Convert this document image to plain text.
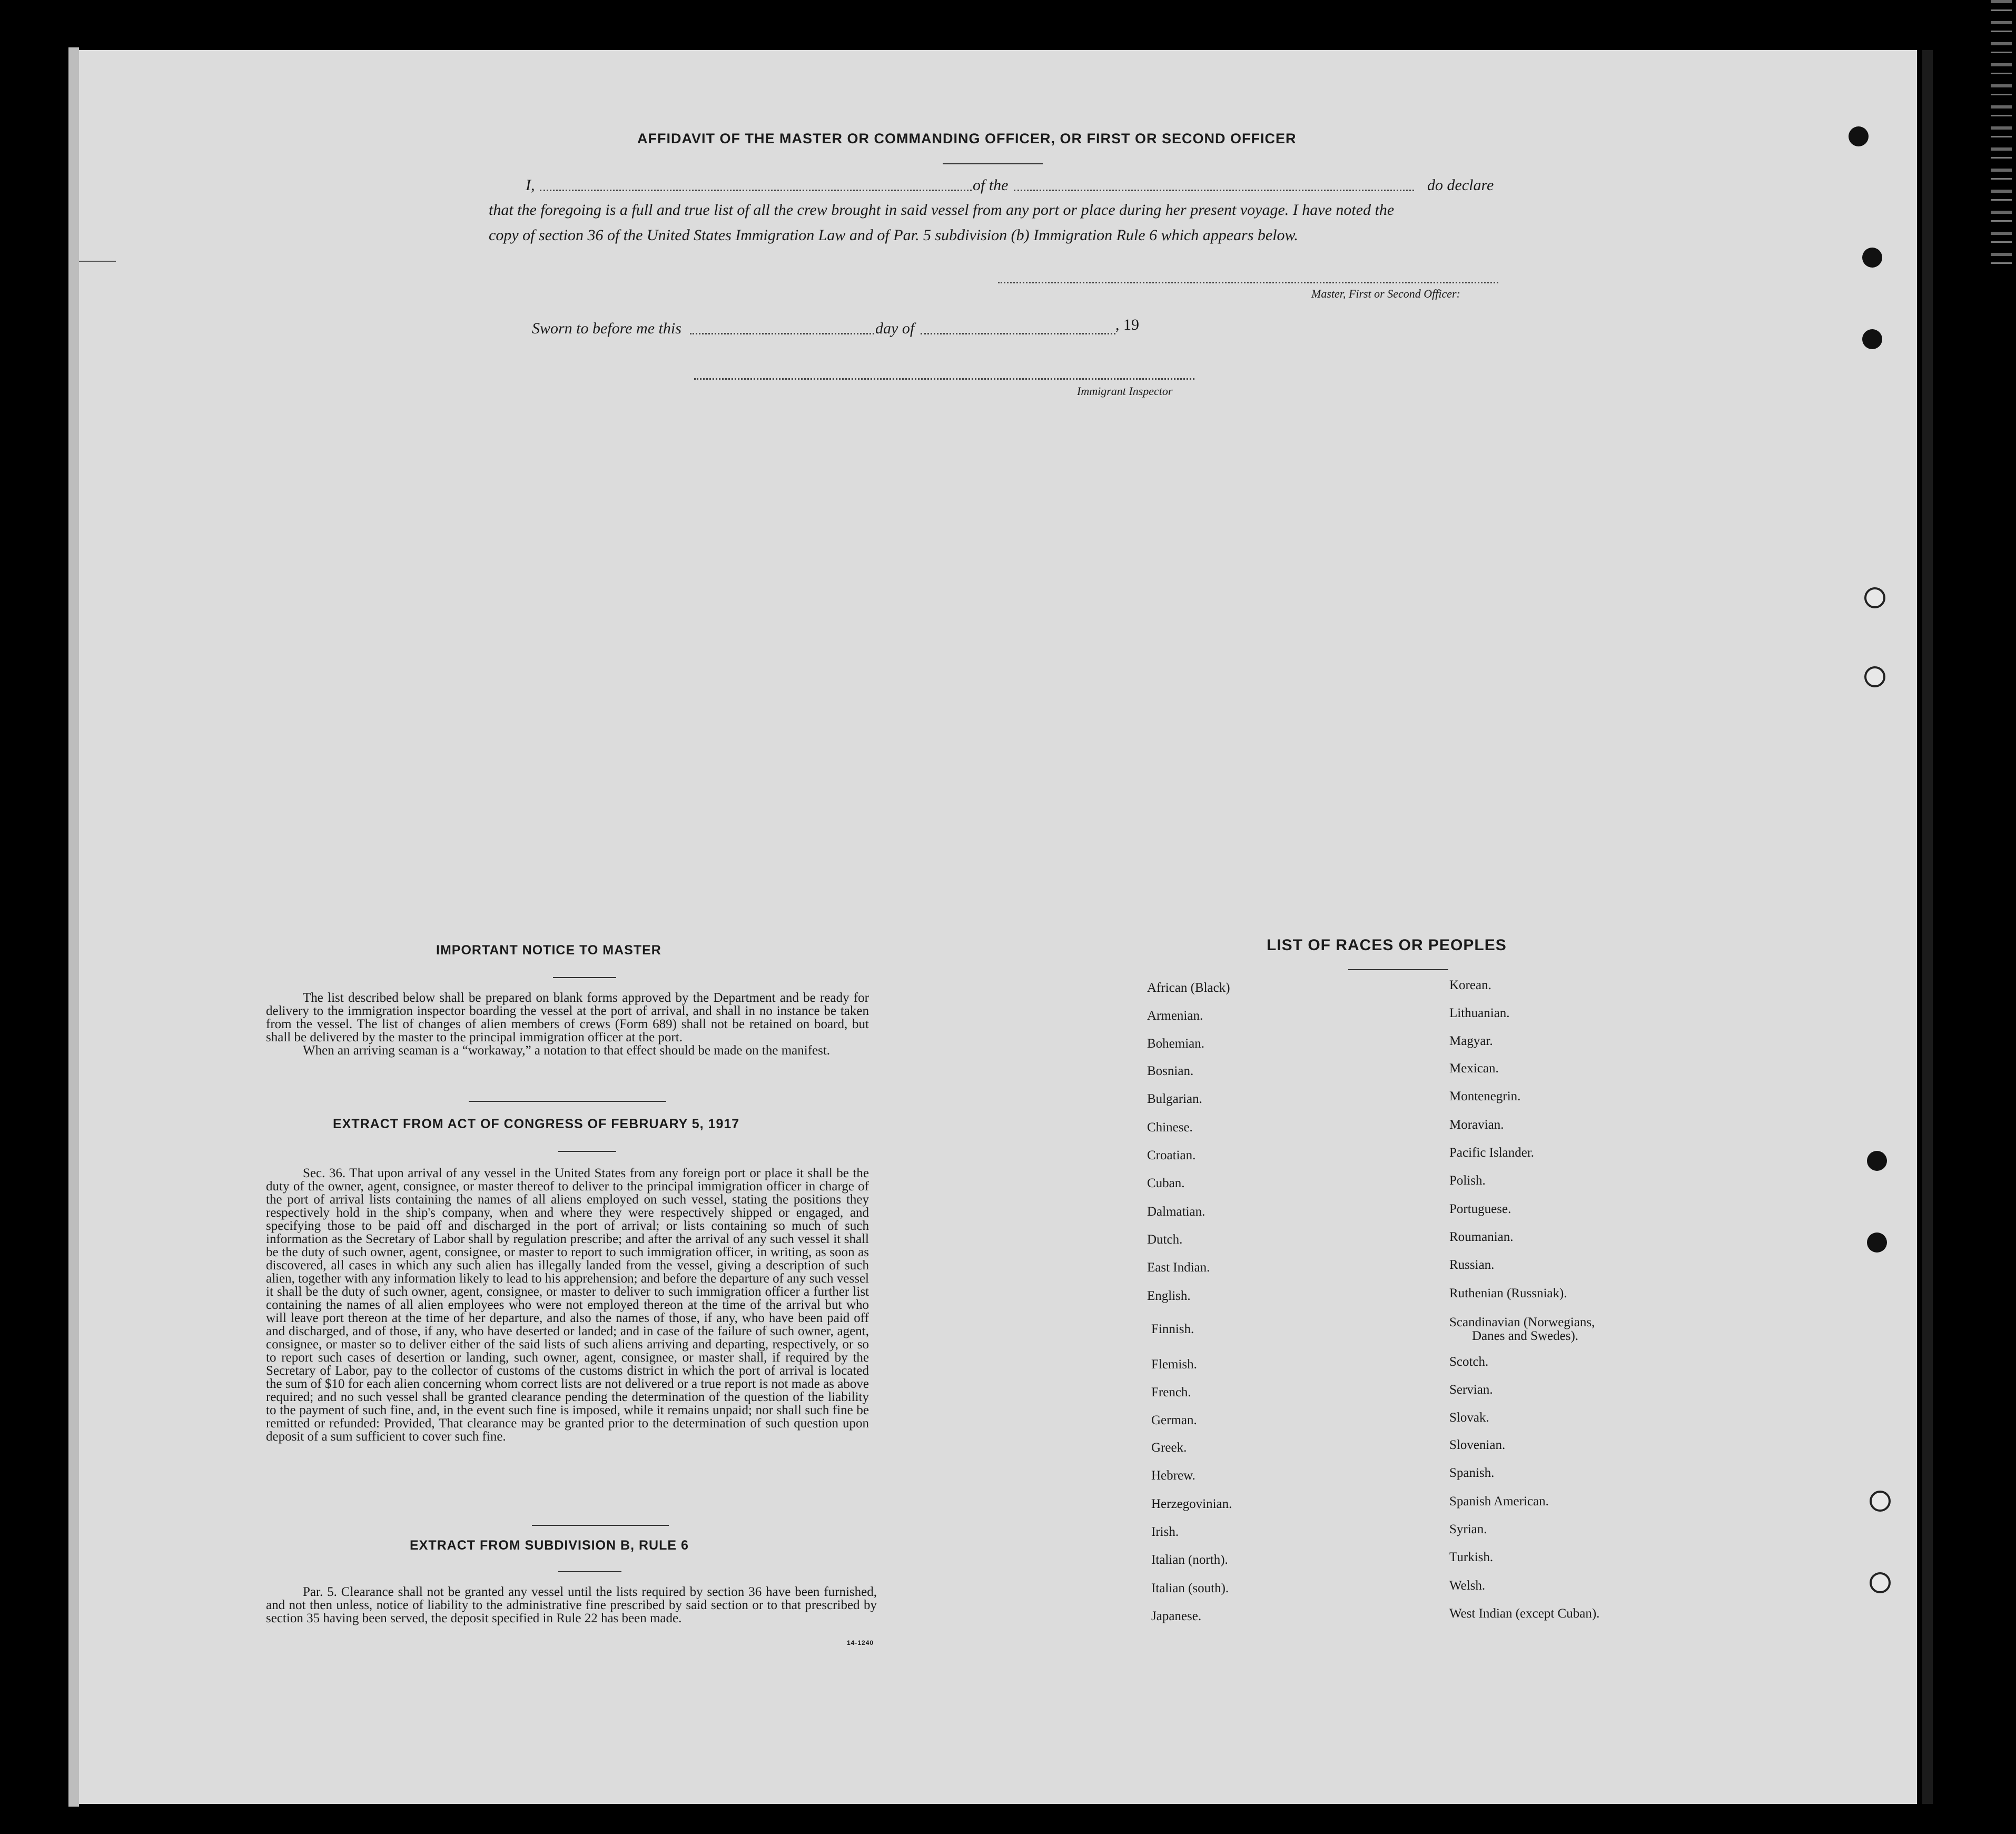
AFFIDAVIT OF THE MASTER OR COMMANDING OFFICER, OR FIRST OR SECOND OFFICER
I,	of the	do declare
that the foregoing is a full and true list of all the crew brought in said vessel from any port or place during her present voyage. I have noted the
copy of section 36 of the United States Immigration Law and of Par. 5 subdivision (b) Immigration Rule 6 which appears below.
Master, First or Second Officer:
Sworn to before me this	day of	, 19
Immigrant Inspector
IMPORTANT NOTICE TO MASTER

The list described below shall be prepared on blank forms approved by the Department and be ready for delivery to the immigration inspector boarding the vessel at the port of arrival, and shall in no instance be taken from the vessel. The list of changes of alien members of crews (Form 689) shall not be retained on board, but shall be delivered by the master to the principal immigration officer at the port.

When an arriving seaman is a “workaway,” a notation to that effect should be made on the manifest.

EXTRACT FROM ACT OF CONGRESS OF FEBRUARY 5, 1917

Sec. 36. That upon arrival of any vessel in the United States from any foreign port or place it shall be the duty of the owner, agent, consignee, or master thereof to deliver to the principal immigration officer in charge of the port of arrival lists containing the names of all aliens employed on such vessel, stating the positions they respectively hold in the ship's company, when and where they were respectively shipped or engaged, and specifying those to be paid off and discharged in the port of arrival; or lists containing so much of such information as the Secretary of Labor shall by regulation prescribe; and after the arrival of any such vessel it shall be the duty of such owner, agent, consignee, or master to report to such immigration officer, in writing, as soon as discovered, all cases in which any such alien has illegally landed from the vessel, giving a description of such alien, together with any information likely to lead to his apprehension; and before the departure of any such vessel it shall be the duty of such owner, agent, consignee, or master to deliver to such immigration officer a further list containing the names of all alien employees who were not employed thereon at the time of the arrival but who will leave port thereon at the time of her departure, and also the names of those, if any, who have been paid off and discharged, and of those, if any, who have deserted or landed; and in case of the failure of such owner, agent, consignee, or master so to deliver either of the said lists of such aliens arriving and departing, respectively, or so to report such cases of desertion or landing, such owner, agent, consignee, or master shall, if required by the Secretary of Labor, pay to the collector of customs of the customs district in which the port of arrival is located the sum of $10 for each alien concerning whom correct lists are not delivered or a true report is not made as above required; and no such vessel shall be granted clearance pending the determination of the question of the liability to the payment of such fine, and, in the event such fine is imposed, while it remains unpaid; nor shall such fine be remitted or refunded: Provided, That clearance may be granted prior to the determination of such question upon deposit of a sum sufficient to cover such fine.

EXTRACT FROM SUBDIVISION B, RULE 6

Par. 5. Clearance shall not be granted any vessel until the lists required by section 36 have been furnished, and not then unless, notice of liability to the administrative fine prescribed by said section or to that prescribed by section 35 having been served, the deposit specified in Rule 22 has been made.

14-1240
LIST OF RACES OR PEOPLES
African (Black)
Armenian.
Bohemian.
Bosnian.
Bulgarian.
Chinese.
Croatian.
Cuban.
Dalmatian.
Dutch.
East Indian.
English.
Finnish.
Flemish.
French.
German.
Greek.
Hebrew.
Herzegovinian.
Irish.
Italian (north).
Italian (south).
Japanese.
Korean.
Lithuanian.
Magyar.
Mexican.
Montenegrin.
Moravian.
Pacific Islander.
Polish.
Portuguese.
Roumanian.
Russian.
Ruthenian (Russniak).
Scandinavian (Norwegians,
Scotch.
Servian.
Slovak.
Slovenian.
Spanish.
Spanish American.
Syrian.
Turkish.
Welsh.
West Indian (except Cuban).
Danes and Swedes).
